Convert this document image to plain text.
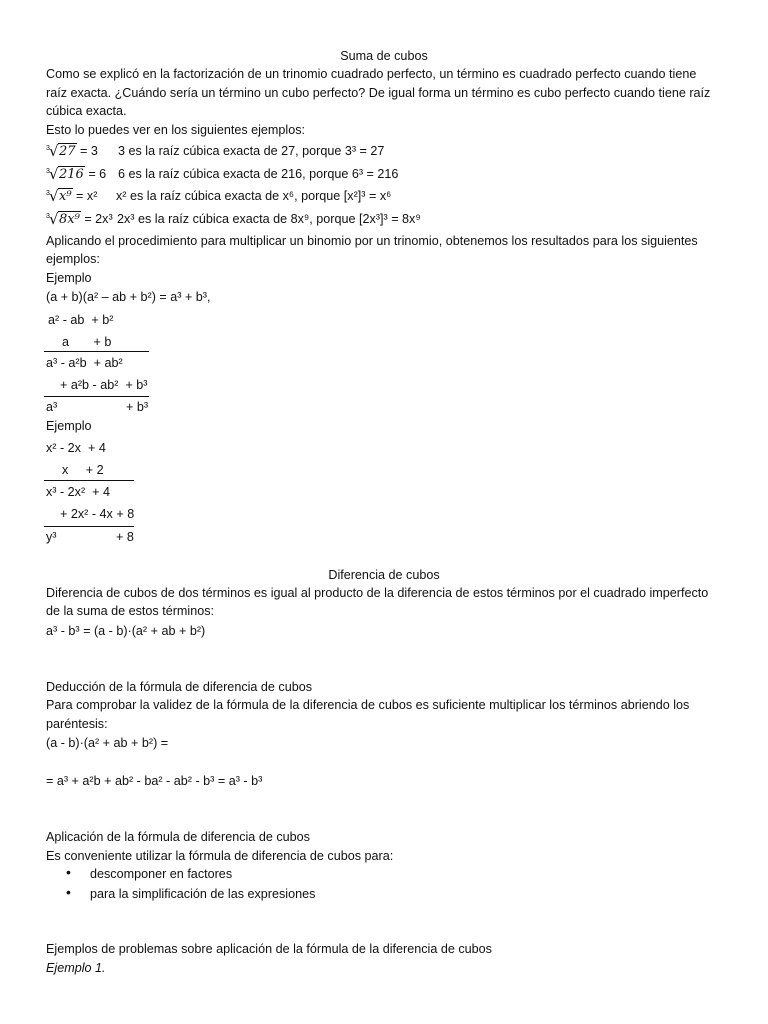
Suma de cubos
Como se explicó en la factorización de un trinomio cuadrado perfecto, un término es cuadrado perfecto cuando tiene
raíz exacta. ¿Cuándo sería un término un cubo perfecto? De igual forma un término es cubo perfecto cuando tiene raíz
cúbica exacta.
Esto lo puedes ver en los siguientes ejemplos:
3 √ 27 = 3 3 es la raíz cúbica exacta de 27, porque 3³ = 27
3 √ 216 = 6 6 es la raíz cúbica exacta de 216, porque 6³ = 216
3 √ x⁹ = x² x² es la raíz cúbica exacta de x⁶, porque [x²]³ = x⁶
3 √ 8x⁹ = 2x³ 2x³ es la raíz cúbica exacta de 8x⁹, porque [2x³]³ = 8x⁹
Aplicando el procedimiento para multiplicar un binomio por un trinomio, obtenemos los resultados para los siguientes
ejemplos:
Ejemplo
(a + b)(a² – ab + b²) = a³ + b³,
a² - ab  + b²
a       + b
a³ - a²b  + ab²
+ a²b - ab²  + b³
a³	+ b³
Ejemplo
x² - 2x  + 4
x     + 2
x³ - 2x²  + 4
+ 2x² - 4x + 8
y³	+ 8
Diferencia de cubos
Diferencia de cubos de dos términos es igual al producto de la diferencia de estos términos por el cuadrado imperfecto
de la suma de estos términos:
a³ - b³ = (a - b)·(a² + ab + b²)
Deducción de la fórmula de diferencia de cubos
Para comprobar la validez de la fórmula de la diferencia de cubos es suficiente multiplicar los términos abriendo los
paréntesis:
(a - b)·(a² + ab + b²) =
= a³ + a²b + ab² - ba² - ab² - b³ = a³ - b³
Aplicación de la fórmula de diferencia de cubos
Es conveniente utilizar la fórmula de diferencia de cubos para:
• descomponer en factores
• para la simplificación de las expresiones
Ejemplos de problemas sobre aplicación de la fórmula de la diferencia de cubos
Ejemplo 1.
